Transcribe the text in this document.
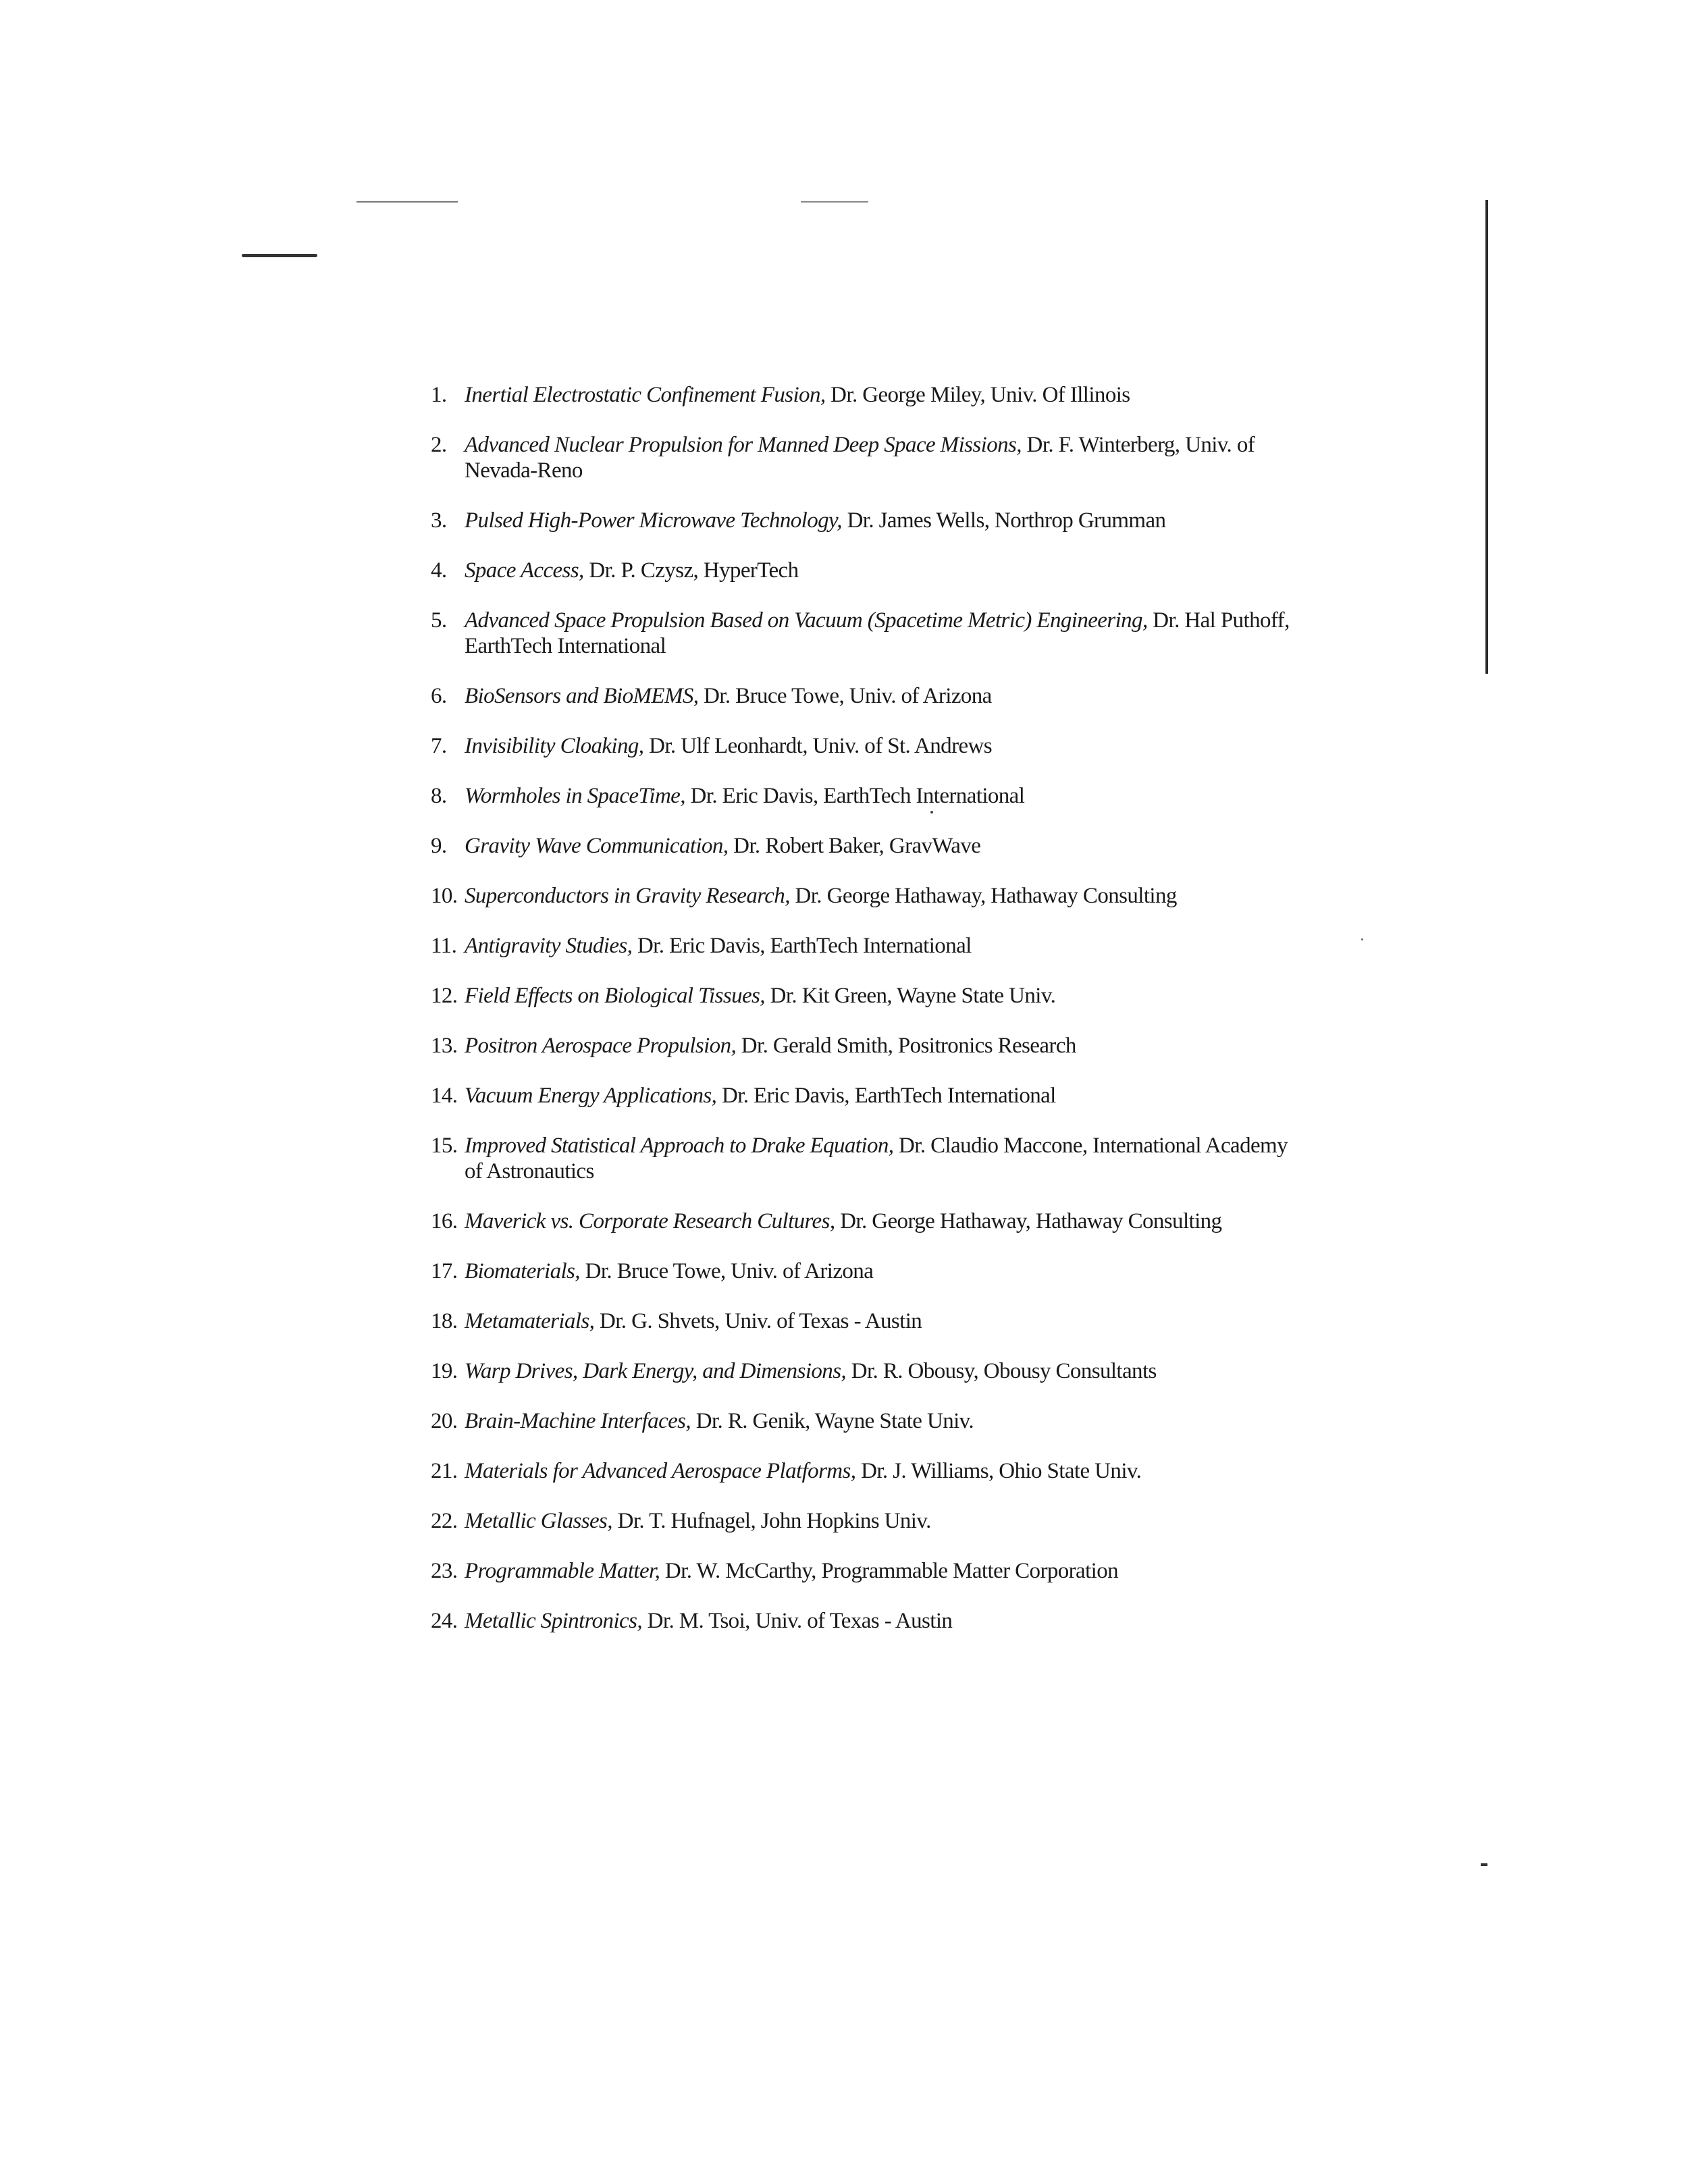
1. Inertial Electrostatic Confinement Fusion, Dr. George Miley, Univ. Of Illinois
2. Advanced Nuclear Propulsion for Manned Deep Space Missions, Dr. F. Winterberg, Univ. of Nevada-Reno
3. Pulsed High-Power Microwave Technology, Dr. James Wells, Northrop Grumman
4. Space Access, Dr. P. Czysz, HyperTech
5. Advanced Space Propulsion Based on Vacuum (Spacetime Metric) Engineering, Dr. Hal Puthoff, EarthTech International
6. BioSensors and BioMEMS, Dr. Bruce Towe, Univ. of Arizona
7. Invisibility Cloaking, Dr. Ulf Leonhardt, Univ. of St. Andrews
8. Wormholes in SpaceTime, Dr. Eric Davis, EarthTech International
9. Gravity Wave Communication, Dr. Robert Baker, GravWave
10. Superconductors in Gravity Research, Dr. George Hathaway, Hathaway Consulting
11. Antigravity Studies, Dr. Eric Davis, EarthTech International
12. Field Effects on Biological Tissues, Dr. Kit Green, Wayne State Univ.
13. Positron Aerospace Propulsion, Dr. Gerald Smith, Positronics Research
14. Vacuum Energy Applications, Dr. Eric Davis, EarthTech International
15. Improved Statistical Approach to Drake Equation, Dr. Claudio Maccone, International Academy of Astronautics
16. Maverick vs. Corporate Research Cultures, Dr. George Hathaway, Hathaway Consulting
17. Biomaterials, Dr. Bruce Towe, Univ. of Arizona
18. Metamaterials, Dr. G. Shvets, Univ. of Texas - Austin
19. Warp Drives, Dark Energy, and Dimensions, Dr. R. Obousy, Obousy Consultants
20. Brain-Machine Interfaces, Dr. R. Genik, Wayne State Univ.
21. Materials for Advanced Aerospace Platforms, Dr. J. Williams, Ohio State Univ.
22. Metallic Glasses, Dr. T. Hufnagel, John Hopkins Univ.
23. Programmable Matter, Dr. W. McCarthy, Programmable Matter Corporation
24. Metallic Spintronics, Dr. M. Tsoi, Univ. of Texas - Austin
